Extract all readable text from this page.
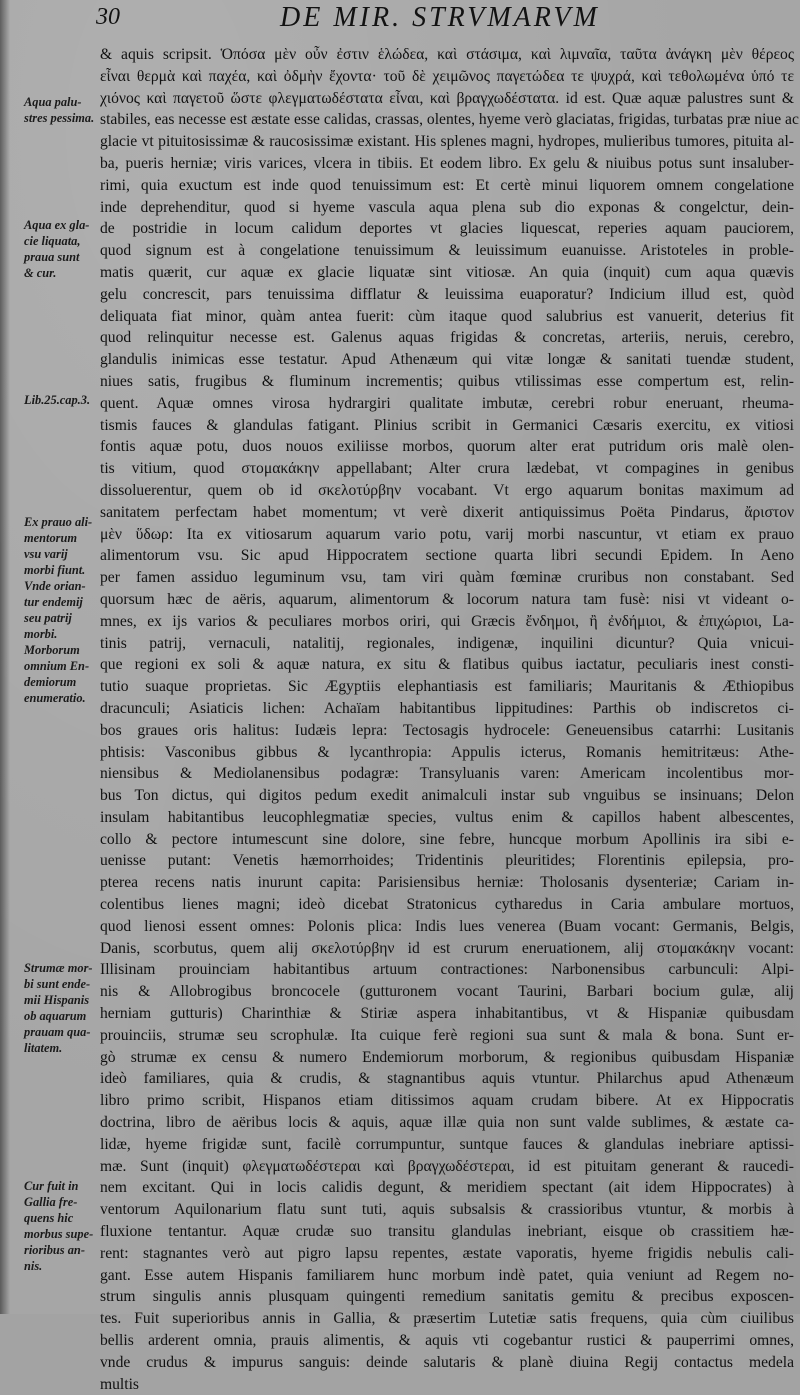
30	DE MIR. STRVMARVM
Aqua palu-
stres pessima.
Aqua ex gla-
cie liquata,
praua sunt
& cur.
Lib.25.cap.3.
Ex prauo ali-
mentorum
vsu varij
morbi fiunt.
Vnde orian-
tur endemij
seu patrij
morbi.
Morborum
omnium En-
demiorum
enumeratio.
Strumæ mor-
bi sunt ende-
mii Hispanis
ob aquarum
prauam qua-
litatem.
Cur fuit in
Gallia fre-
quens hic
morbus supe-
rioribus an-
nis.
& aquis scripsit. Ὁπόσα μὲν οὖν ἐστιν ἑλώδεα, καὶ στάσιμα, καὶ λιμναῖα, ταῦτα ἀνάγκη μὲν θέρεος
εἶναι θερμὰ καὶ παχέα, καὶ ὀδμὴν ἔχοντα· τοῦ δὲ χειμῶνος παγετώδεα τε ψυχρά, καὶ τεθολωμένα ὑπό τε
χιόνος καὶ παγετοῦ ὥστε φλεγματωδέστατα εἶναι, καὶ βραγχωδέστατα. id est. Quæ aquæ palustres sunt &
stabiles, eas necesse est æstate esse calidas, crassas, olentes, hyeme verò glaciatas, frigidas, turbatas præ niue ac
glacie vt pituitosissimæ & raucosissimæ existant. His splenes magni, hydropes, mulieribus tumores, pituita al-
ba, pueris herniæ; viris varices, vlcera in tibiis. Et eodem libro. Ex gelu & niuibus potus sunt insaluber-
rimi, quia exuctum est inde quod tenuissimum est: Et certè minui liquorem omnem congelatione
inde deprehenditur, quod si hyeme vascula aqua plena sub dio exponas & congelctur, dein-
de postridie in locum calidum deportes vt glacies liquescat, reperies aquam pauciorem,
quod signum est à congelatione tenuissimum & leuissimum euanuisse. Aristoteles in proble-
matis quærit, cur aquæ ex glacie liquatæ sint vitiosæ. An quia (inquit) cum aqua quævis
gelu concrescit, pars tenuissima difflatur & leuissima euaporatur? Indicium illud est, quòd
deliquata fiat minor, quàm antea fuerit: cùm itaque quod salubrius est vanuerit, deterius fit
quod relinquitur necesse est. Galenus aquas frigidas & concretas, arteriis, neruis, cerebro,
glandulis inimicas esse testatur. Apud Athenæum qui vitæ longæ & sanitati tuendæ student,
niues satis, frugibus & fluminum incrementis; quibus vtilissimas esse compertum est, relin-
quent. Aquæ omnes virosa hydrargiri qualitate imbutæ, cerebri robur eneruant, rheuma-
tismis fauces & glandulas fatigant. Plinius scribit in Germanici Cæsaris exercitu, ex vitiosi
fontis aquæ potu, duos nouos exiliisse morbos, quorum alter erat putridum oris malè olen-
tis vitium, quod στομακάκην appellabant; Alter crura lædebat, vt compagines in genibus
dissoluerentur, quem ob id σκελοτύρβην vocabant. Vt ergo aquarum bonitas maximum ad
sanitatem perfectam habet momentum; vt verè dixerit antiquissimus Poëta Pindarus, ἄριστον
μὲν ὕδωρ: Ita ex vitiosarum aquarum vario potu, varij morbi nascuntur, vt etiam ex prauo
alimentorum vsu. Sic apud Hippocratem sectione quarta libri secundi Epidem. In Aeno
per famen assiduo leguminum vsu, tam viri quàm fœminæ cruribus non constabant. Sed
quorsum hæc de aëris, aquarum, alimentorum & locorum natura tam fusè: nisi vt videant o-
mnes, ex ijs varios & peculiares morbos oriri, qui Græcis ἔνδημοι, ἢ ἐνδήμιοι, & ἐπιχώριοι, La-
tinis patrij, vernaculi, natalitij, regionales, indigenæ, inquilini dicuntur? Quia vnicui-
que regioni ex soli & aquæ natura, ex situ & flatibus quibus iactatur, peculiaris inest consti-
tutio suaque proprietas. Sic Ægyptiis elephantiasis est familiaris; Mauritanis & Æthiopibus
dracunculi; Asiaticis lichen: Achaïam habitantibus lippitudines: Parthis ob indiscretos ci-
bos graues oris halitus: Iudæis lepra: Tectosagis hydrocele: Geneuensibus catarrhi: Lusitanis
phtisis: Vasconibus gibbus & lycanthropia: Appulis icterus, Romanis hemitritæus: Athe-
niensibus & Mediolanensibus podagræ: Transyluanis varen: Americam incolentibus mor-
bus Ton dictus, qui digitos pedum exedit animalculi instar sub vnguibus se insinuans; Delon
insulam habitantibus leucophlegmatiæ species, vultus enim & capillos habent albescentes,
collo & pectore intumescunt sine dolore, sine febre, huncque morbum Apollinis ira sibi e-
uenisse putant: Venetis hæmorrhoides; Tridentinis pleuritides; Florentinis epilepsia, pro-
pterea recens natis inurunt capita: Parisiensibus herniæ: Tholosanis dysenteriæ; Cariam in-
colentibus lienes magni; ideò dicebat Stratonicus cytharedus in Caria ambulare mortuos,
quod lienosi essent omnes: Polonis plica: Indis lues venerea (Buam vocant: Germanis, Belgis,
Danis, scorbutus, quem alij σκελοτύρβην id est crurum eneruationem, alij στομακάκην vocant:
Illisinam prouinciam habitantibus artuum contractiones: Narbonensibus carbunculi: Alpi-
nis & Allobrogibus broncocele (gutturonem vocant Taurini, Barbari bocium gulæ, alij
herniam gutturis) Charinthiæ & Stiriæ aspera inhabitantibus, vt & Hispaniæ quibusdam
prouinciis, strumæ seu scrophulæ. Ita cuique ferè regioni sua sunt & mala & bona. Sunt er-
gò strumæ ex censu & numero Endemiorum morborum, & regionibus quibusdam Hispaniæ
ideò familiares, quia & crudis, & stagnantibus aquis vtuntur. Philarchus apud Athenæum
libro primo scribit, Hispanos etiam ditissimos aquam crudam bibere. At ex Hippocratis
doctrina, libro de aëribus locis & aquis, aquæ illæ quia non sunt valde sublimes, & æstate ca-
lidæ, hyeme frigidæ sunt, facilè corrumpuntur, suntque fauces & glandulas inebriare aptissi-
mæ. Sunt (inquit) φλεγματωδέστεραι καὶ βραγχωδέστεραι, id est pituitam generant & raucedi-
nem excitant. Qui in locis calidis degunt, & meridiem spectant (ait idem Hippocrates) à
ventorum Aquilonarium flatu sunt tuti, aquis subsalsis & crassioribus vtuntur, & morbis à
fluxione tentantur. Aquæ crudæ suo transitu glandulas inebriant, eisque ob crassitiem hæ-
rent: stagnantes verò aut pigro lapsu repentes, æstate vaporatis, hyeme frigidis nebulis cali-
gant. Esse autem Hispanis familiarem hunc morbum indè patet, quia veniunt ad Regem no-
strum singulis annis plusquam quingenti remedium sanitatis gemitu & precibus exposcen-
tes. Fuit superioribus annis in Gallia, & præsertim Lutetiæ satis frequens, quia cùm ciuilibus
bellis arderent omnia, prauis alimentis, & aquis vti cogebantur rustici & pauperrimi omnes,
vnde crudus & impurus sanguis: deinde salutaris & planè diuina Regij contactus medela
multis
